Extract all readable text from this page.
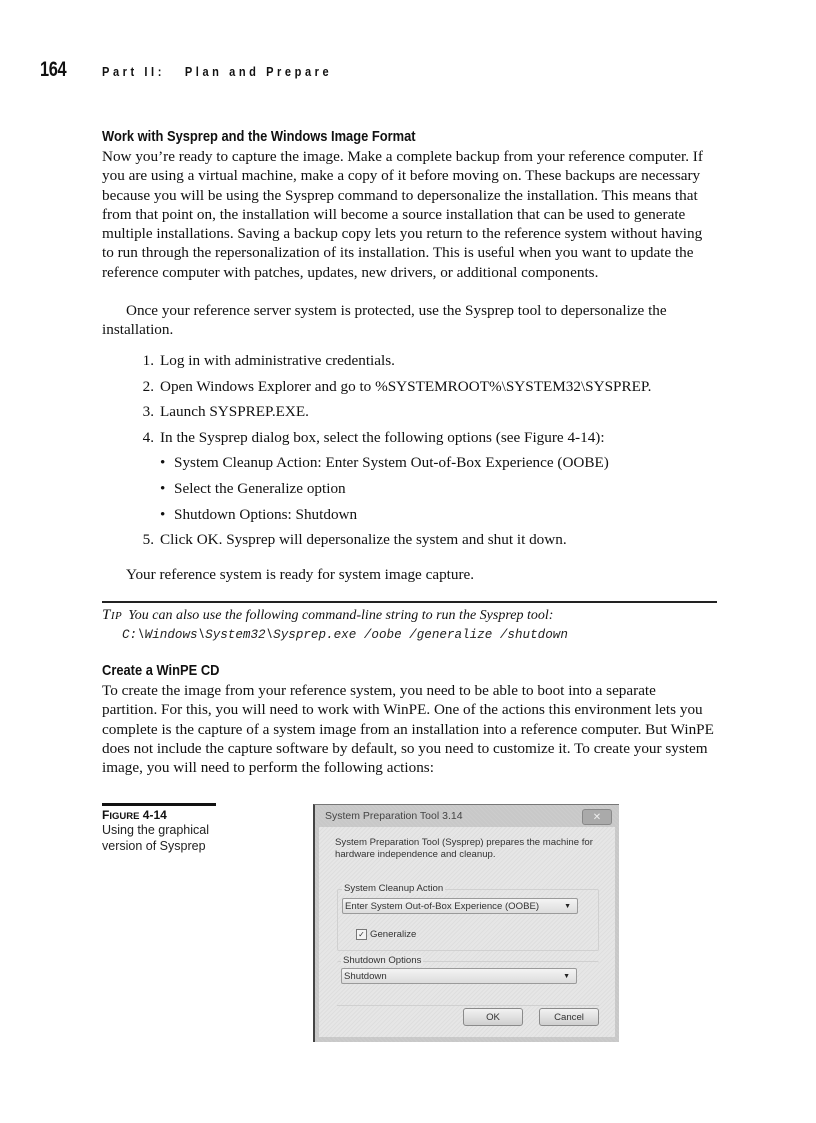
164	Part II:   Plan and Prepare
Work with Sysprep and the Windows Image Format
Now you’re ready to capture the image. Make a complete backup from your reference computer. If you are using a virtual machine, make a copy of it before moving on. These backups are necessary because you will be using the Sysprep command to depersonalize the installation. This means that from that point on, the installation will become a source installation that can be used to generate multiple installations. Saving a backup copy lets you return to the reference system without having to run through the repersonalization of its installation. This is useful when you want to update the reference computer with patches, updates, new drivers, or additional components.
Once your reference server system is protected, use the Sysprep tool to depersonalize the installation.
1. Log in with administrative credentials.
2. Open Windows Explorer and go to %SYSTEMROOT%\SYSTEM32\SYSPREP.
3. Launch SYSPREP.EXE.
4. In the Sysprep dialog box, select the following options (see Figure 4-14):
• System Cleanup Action: Enter System Out-of-Box Experience (OOBE)
• Select the Generalize option
• Shutdown Options: Shutdown
5. Click OK. Sysprep will depersonalize the system and shut it down.
Your reference system is ready for system image capture.
TIP You can also use the following command-line string to run the Sysprep tool:
C:\Windows\System32\Sysprep.exe /oobe /generalize /shutdown
Create a WinPE CD
To create the image from your reference system, you need to be able to boot into a separate partition. For this, you will need to work with WinPE. One of the actions this environment lets you complete is the capture of a system image from an installation into a reference computer. But WinPE does not include the capture software by default, so you need to customize it. To create your system image, you will need to perform the following actions:
FIGURE 4-14
Using the graphical version of Sysprep
System Preparation Tool 3.14	✕
System Preparation Tool (Sysprep) prepares the machine for hardware independence and cleanup.
System Cleanup Action
Enter System Out-of-Box Experience (OOBE)	▼
✓ Generalize
Shutdown Options
Shutdown	▼
OK	Cancel
